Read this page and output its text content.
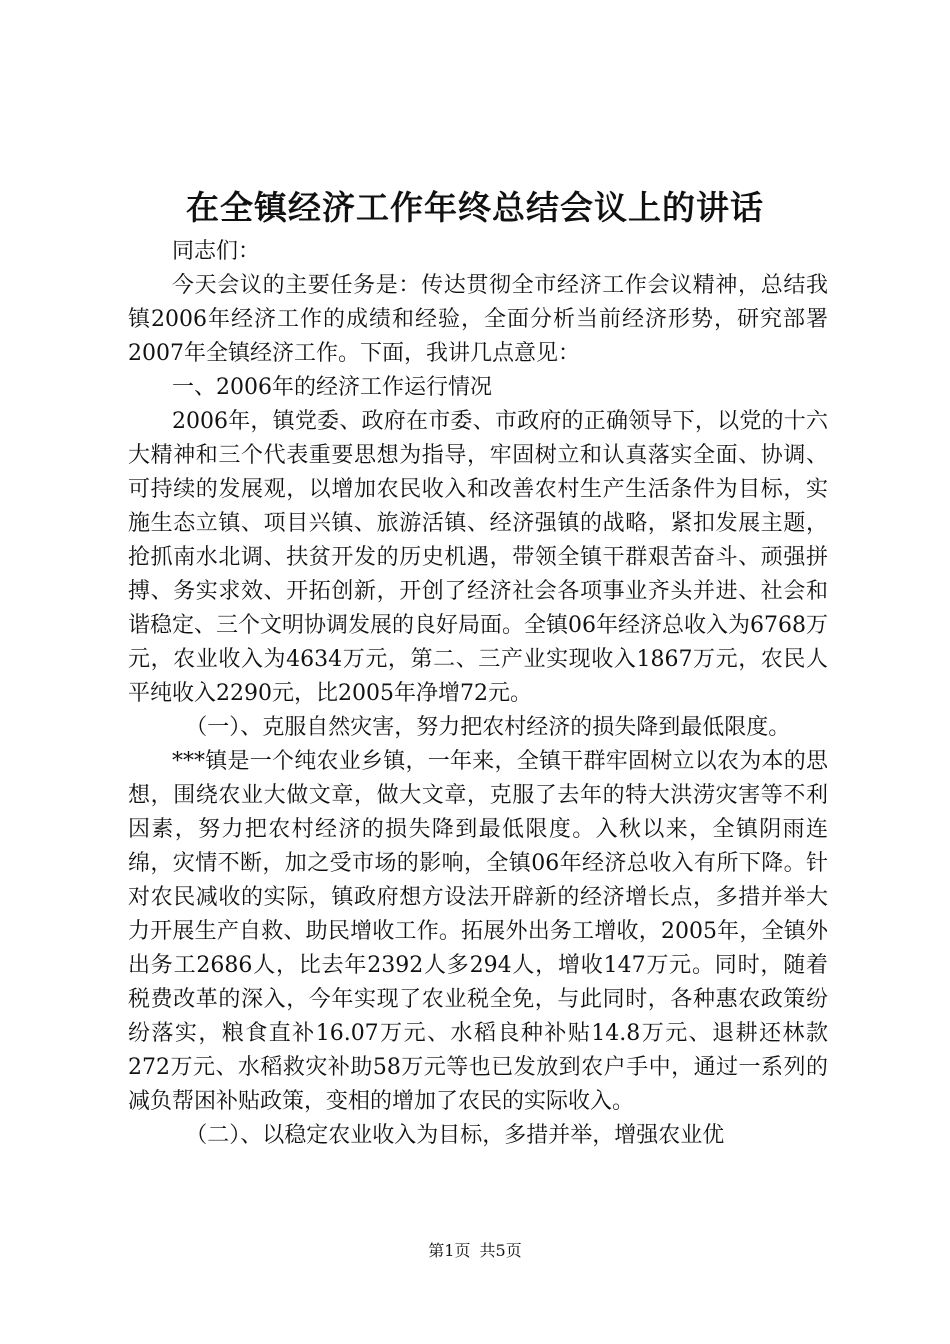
在全镇经济工作年终总结会议上的讲话

同志们：

今天会议的主要任务是：传达贯彻全市经济工作会议精神，总结我镇2006年经济工作的成绩和经验，全面分析当前经济形势，研究部署2007年全镇经济工作。下面，我讲几点意见：

一、2006年的经济工作运行情况

2006年，镇党委、政府在市委、市政府的正确领导下，以党的十六大精神和三个代表重要思想为指导，牢固树立和认真落实全面、协调、可持续的发展观，以增加农民收入和改善农村生产生活条件为目标，实施生态立镇、项目兴镇、旅游活镇、经济强镇的战略，紧扣发展主题，抢抓南水北调、扶贫开发的历史机遇，带领全镇干群艰苦奋斗、顽强拼搏、务实求效、开拓创新，开创了经济社会各项事业齐头并进、社会和谐稳定、三个文明协调发展的良好局面。全镇06年经济总收入为6768万元，农业收入为4634万元，第二、三产业实现收入1867万元，农民人平纯收入2290元，比2005年净增72元。

（一）、克服自然灾害，努力把农村经济的损失降到最低限度。

***镇是一个纯农业乡镇，一年来，全镇干群牢固树立以农为本的思想，围绕农业大做文章，做大文章，克服了去年的特大洪涝灾害等不利因素，努力把农村经济的损失降到最低限度。入秋以来，全镇阴雨连绵，灾情不断，加之受市场的影响，全镇06年经济总收入有所下降。针对农民减收的实际，镇政府想方设法开辟新的经济增长点，多措并举大力开展生产自救、助民增收工作。拓展外出务工增收，2005年，全镇外出务工2686人，比去年2392人多294人，增收147万元。同时，随着税费改革的深入，今年实现了农业税全免，与此同时，各种惠农政策纷纷落实，粮食直补16.07万元、水稻良种补贴14.8万元、退耕还林款272万元、水稻救灾补助58万元等也已发放到农户手中，通过一系列的减负帮困补贴政策，变相的增加了农民的实际收入。

（二）、以稳定农业收入为目标，多措并举，增强农业优

第1页 共5页
